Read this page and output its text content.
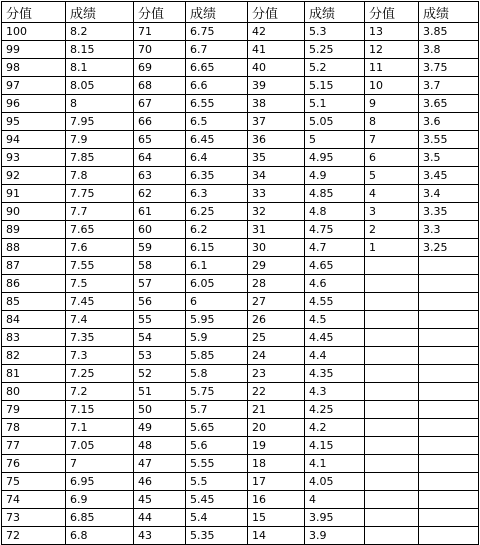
分值	成绩	分值	成绩	分值	成绩	分值	成绩
100	8.2	71	6.75	42	5.3	13	3.85
99	8.15	70	6.7	41	5.25	12	3.8
98	8.1	69	6.65	40	5.2	11	3.75
97	8.05	68	6.6	39	5.15	10	3.7
96	8	67	6.55	38	5.1	9	3.65
95	7.95	66	6.5	37	5.05	8	3.6
94	7.9	65	6.45	36	5	7	3.55
93	7.85	64	6.4	35	4.95	6	3.5
92	7.8	63	6.35	34	4.9	5	3.45
91	7.75	62	6.3	33	4.85	4	3.4
90	7.7	61	6.25	32	4.8	3	3.35
89	7.65	60	6.2	31	4.75	2	3.3
88	7.6	59	6.15	30	4.7	1	3.25
87	7.55	58	6.1	29	4.65		
86	7.5	57	6.05	28	4.6		
85	7.45	56	6	27	4.55		
84	7.4	55	5.95	26	4.5		
83	7.35	54	5.9	25	4.45		
82	7.3	53	5.85	24	4.4		
81	7.25	52	5.8	23	4.35		
80	7.2	51	5.75	22	4.3		
79	7.15	50	5.7	21	4.25		
78	7.1	49	5.65	20	4.2		
77	7.05	48	5.6	19	4.15		
76	7	47	5.55	18	4.1		
75	6.95	46	5.5	17	4.05		
74	6.9	45	5.45	16	4		
73	6.85	44	5.4	15	3.95		
72	6.8	43	5.35	14	3.9		
